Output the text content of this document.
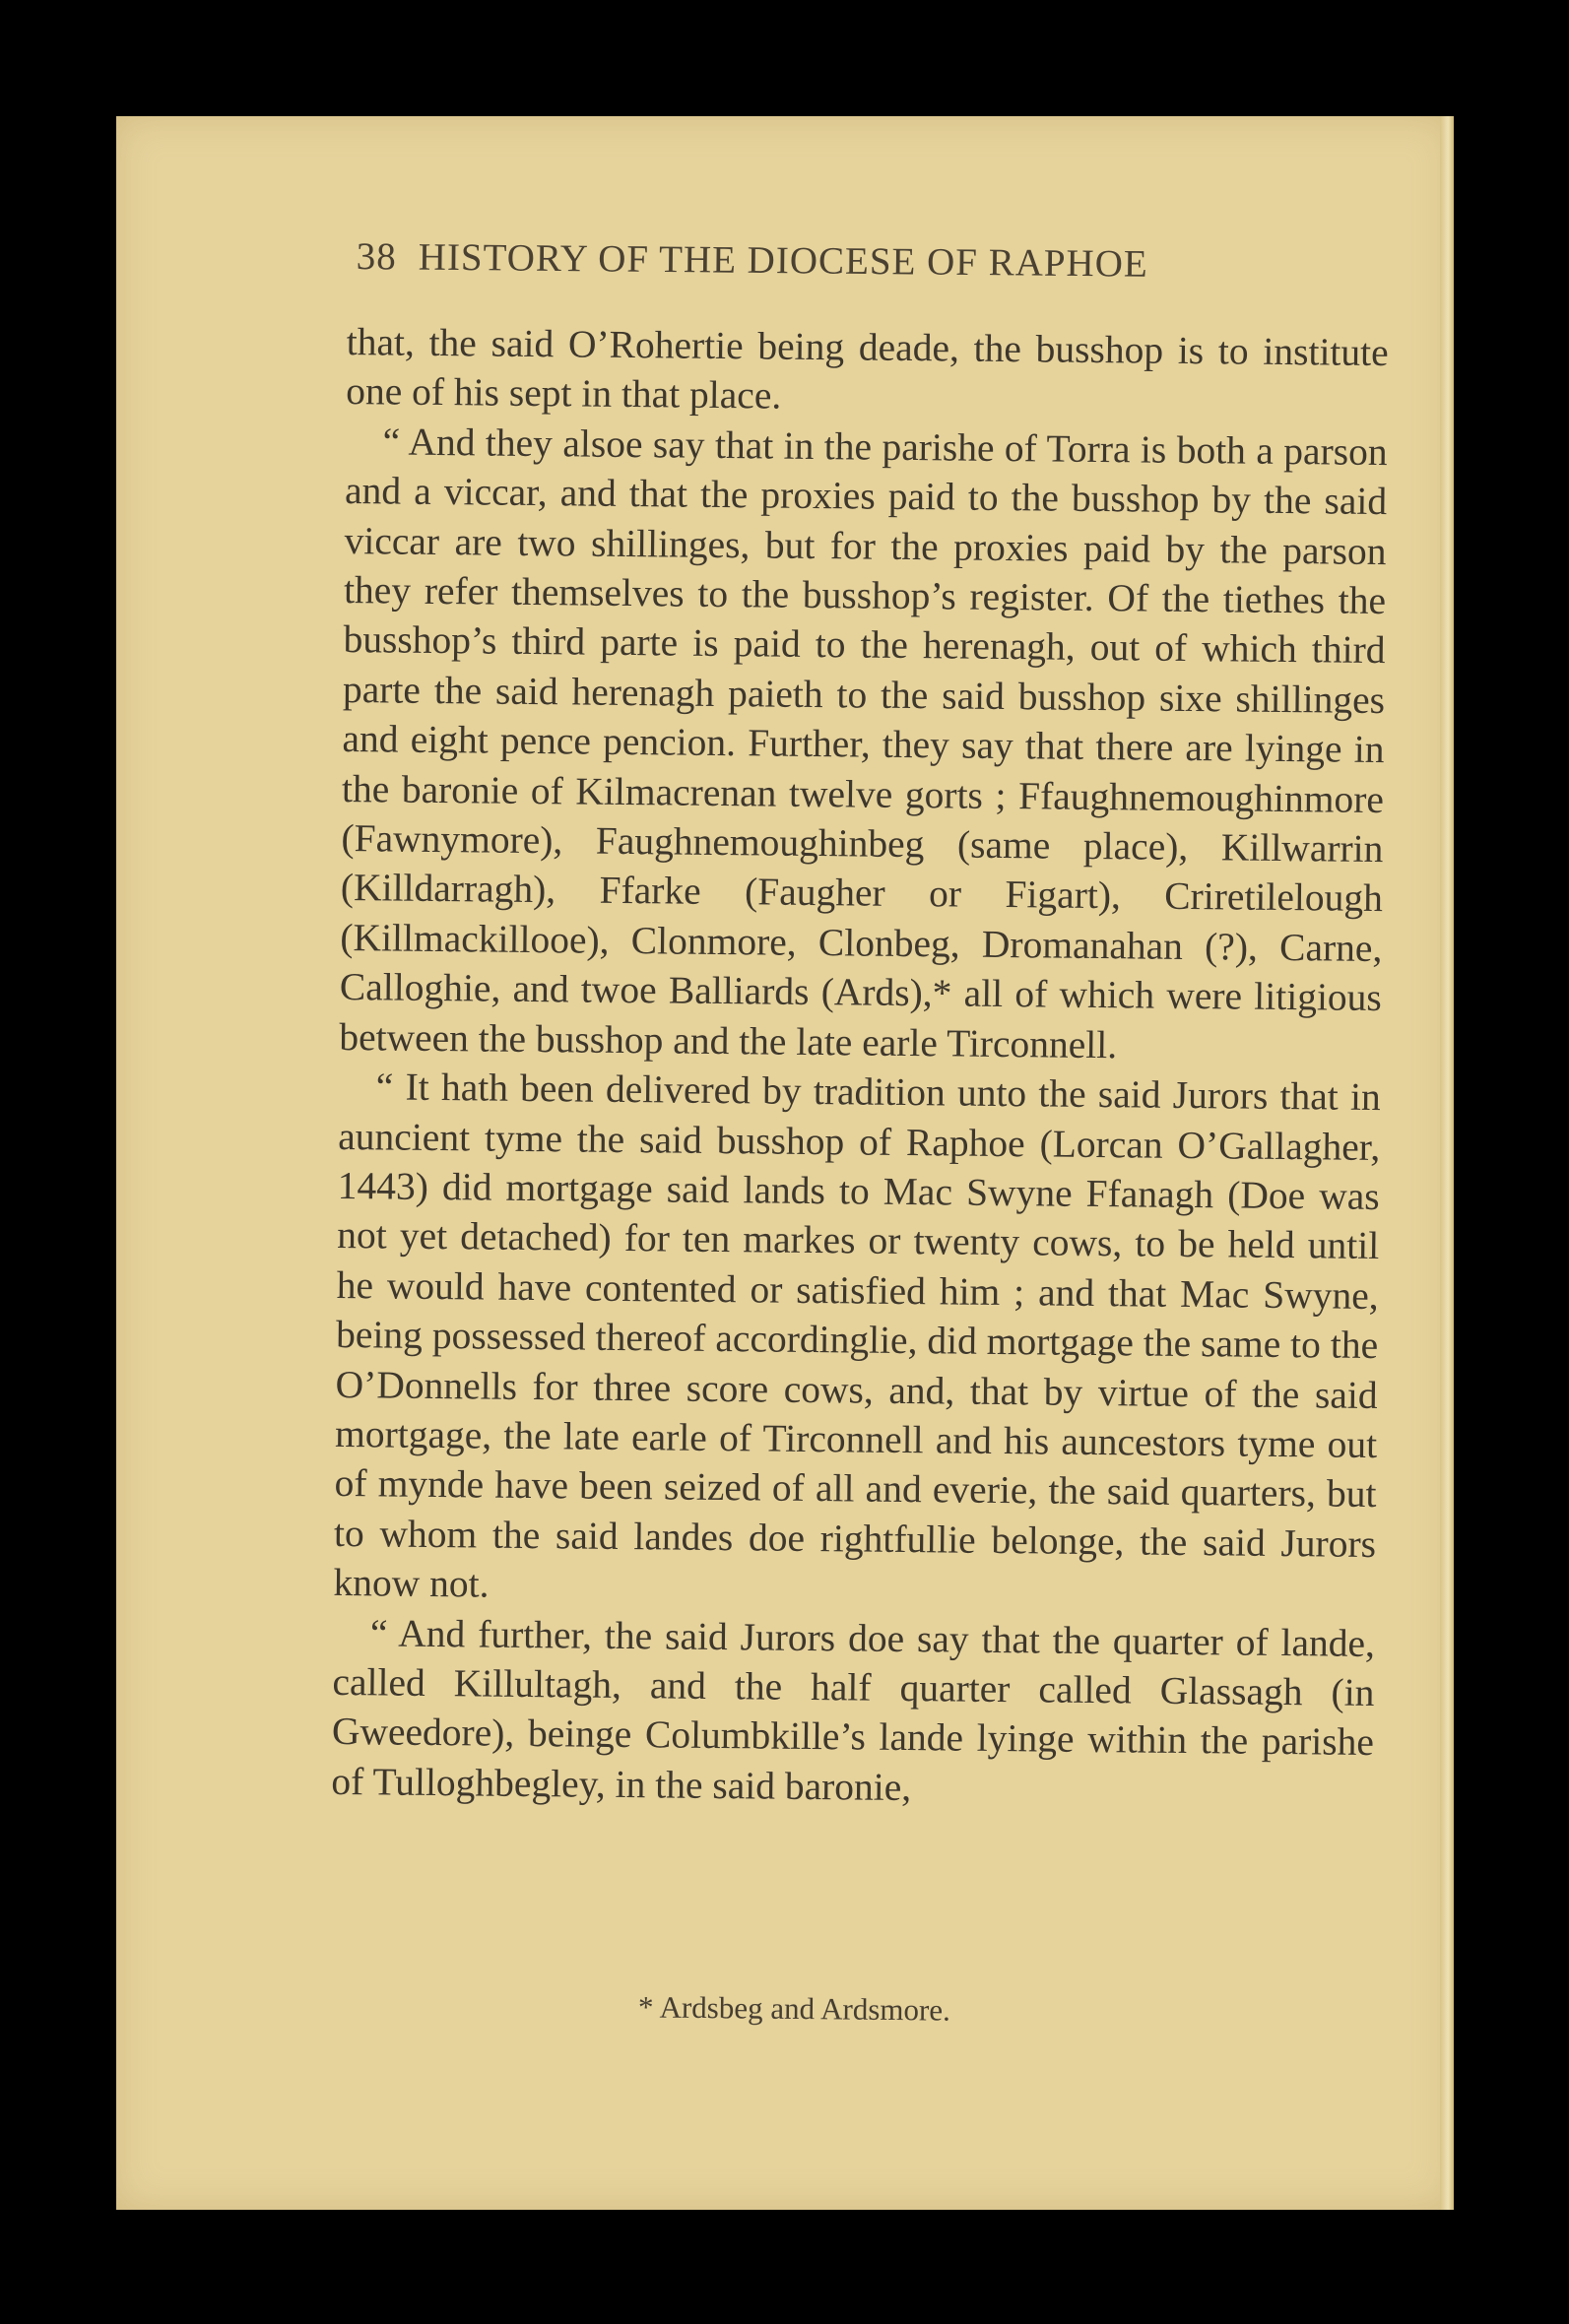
38 HISTORY OF THE DIOCESE OF RAPHOE

that, the said O’Rohertie being deade, the busshop is to institute one of his sept in that place.

“ And they alsoe say that in the parishe of Torra is both a parson and a viccar, and that the proxies paid to the busshop by the said viccar are two shillinges, but for the proxies paid by the parson they refer themselves to the busshop’s register. Of the tiethes the busshop’s third parte is paid to the herenagh, out of which third parte the said herenagh paieth to the said busshop sixe shillinges and eight pence pencion. Further, they say that there are lyinge in the baronie of Kilmacrenan twelve gorts ; Ffaughnemoughinmore (Fawnymore), Faughnemoughinbeg (same place), Killwarrin (Killdarragh), Ffarke (Faugher or Figart), Criretilelough (Killmackillooe), Clonmore, Clonbeg, Dromanahan (?), Carne, Calloghie, and twoe Balliards (Ards),* all of which were litigious between the busshop and the late earle Tirconnell.

“ It hath been delivered by tradition unto the said Jurors that in auncient tyme the said busshop of Raphoe (Lorcan O’Gallagher, 1443) did mortgage said lands to Mac Swyne Ffanagh (Doe was not yet detached) for ten markes or twenty cows, to be held until he would have contented or satisfied him ; and that Mac Swyne, being possessed thereof accordinglie, did mortgage the same to the O’Donnells for three score cows, and, that by virtue of the said mortgage, the late earle of Tirconnell and his auncestors tyme out of mynde have been seized of all and everie, the said quarters, but to whom the said landes doe rightfullie belonge, the said Jurors know not.

“ And further, the said Jurors doe say that the quarter of lande, called Killultagh, and the half quarter called Glassagh (in Gweedore), beinge Columbkille’s lande lyinge within the parishe of Tulloghbegley, in the said baronie,

* Ardsbeg and Ardsmore.
